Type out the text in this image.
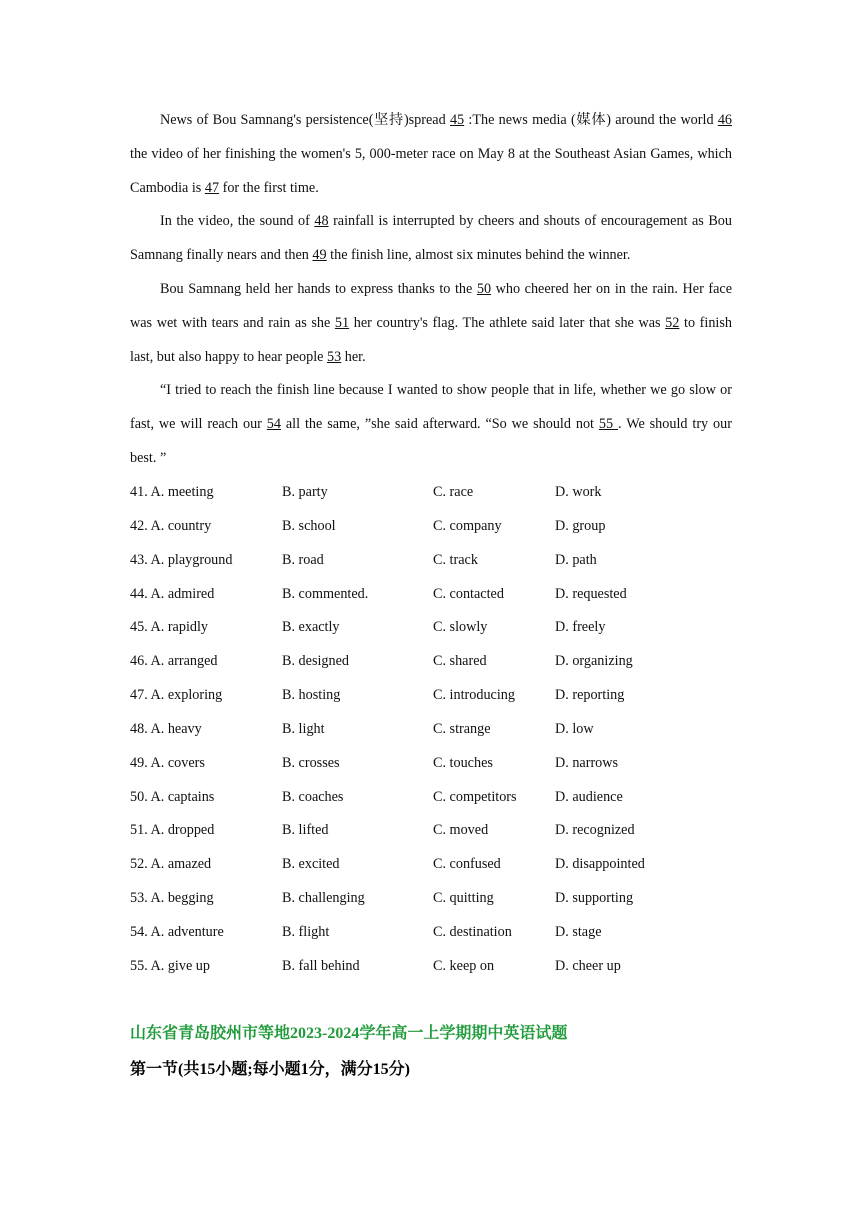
News of Bou Samnang's persistence(坚持)spread 45 :The news media (媒体) around the world 46 the video of her finishing the women's 5, 000-meter race on May 8 at the Southeast Asian Games, which Cambodia is 47 for the first time.

In the video, the sound of 48 rainfall is interrupted by cheers and shouts of encouragement as Bou Samnang finally nears and then 49 the finish line, almost six minutes behind the winner.

Bou Samnang held her hands to express thanks to the 50 who cheered her on in the rain. Her face was wet with tears and rain as she 51 her country's flag. The athlete said later that she was 52 to finish last, but also happy to hear people 53 her.

“I tried to reach the finish line because I wanted to show people that in life, whether we go slow or fast, we will reach our 54 all the same, ”she said afterward. “So we should not 55 . We should try our best. ”

41. A. meeting	B. party	C. race	D. work
42. A. country	B. school	C. company	D. group
43. A. playground	B. road	C. track	D. path
44. A. admired	B. commented.	C. contacted	D. requested
45. A. rapidly	B. exactly	C. slowly	D. freely
46. A. arranged	B. designed	C. shared	D. organizing
47. A. exploring	B. hosting	C. introducing	D. reporting
48. A. heavy	B. light	C. strange	D. low
49. A. covers	B. crosses	C. touches	D. narrows
50. A. captains	B. coaches	C. competitors	D. audience
51. A. dropped	B. lifted	C. moved	D. recognized
52. A. amazed	B. excited	C. confused	D. disappointed
53. A. begging	B. challenging	C. quitting	D. supporting
54. A. adventure	B. flight	C. destination	D. stage
55. A. give up	B. fall behind	C. keep on	D. cheer up
山东省青岛胶州市等地2023-2024学年高一上学期期中英语试题
第一节(共15小题;每小题1分，满分15分)
